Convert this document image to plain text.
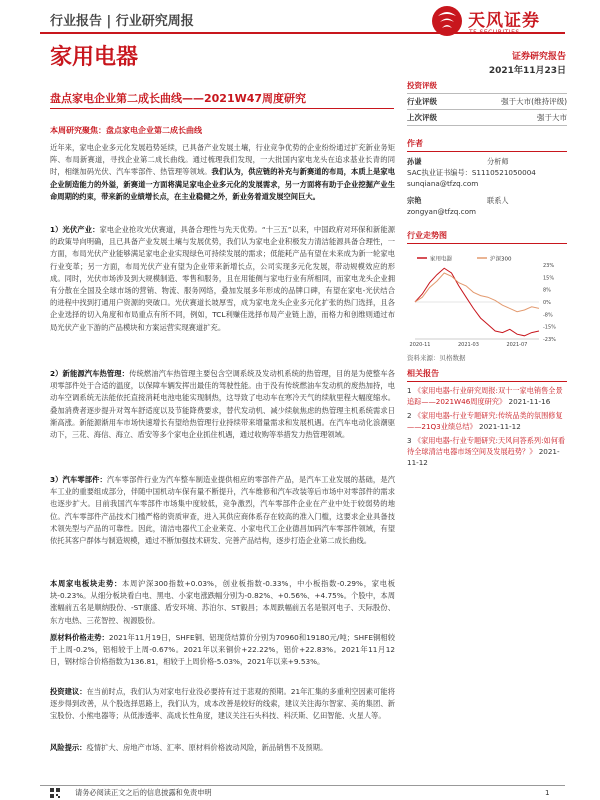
行业报告 | 行业研究周报	天风证券
家用电器	证券研究报告
2021年11月23日
盘点家电企业第二成长曲线——2021W47周度研究
本周研究聚焦：盘点家电企业第二成长曲线

近年来，家电企业多元化发展趋势延续，已具备产业发展土壤，行业竞争优势的企业纷纷通过扩充新业务矩阵、布局新赛道，寻找企业第二成长曲线。通过梳理我们发现，一大批国内家电龙头在追求基业长青的同时，相继加码光伏、汽车零部件、热管理等领域。我们认为，供应链的补充与新赛道的布局，本质上是家电企业制造能力的外溢，新赛道一方面将满足家电企业多元化的发展需求，另一方面将有助于企业挖掘产业生命周期的约束，带来新的业绩增长点，在主业稳健之外，新业务着道发展空间巨大。

1）光伏产业：家电企业抢攻光伏赛道，具备合理性与先天优势。“十三五”以来，中国政府对环保和新能源的政策导向明确，且已具备产业发展土壤与发展优势，我们认为家电企业积极发力清洁能源具备合理性，一方面，布局光伏产业能够满足家电企业实现绿色可持续发展的需求；低能耗产品有望在未来成为新一轮家电行业变革；另一方面，布局光伏产业有望为企业带来新增长点，公司实现多元化发展，带动规模效应的形成。同时，光伏市场涉及到大规模制造、零售和服务，且在用能侧与家电行业有所相同，而家电龙头企业拥有分散在全国及全球市场的营销、物流、服务网络，叠加发展多年形成的品牌口碑，有望在家电-光伏结合的进程中找到打通用户资源的突破口。光伏赛道长坡厚雪，成为家电龙头企业多元化扩张的热门选择，且各企业选择的切入角度和布局重点有所不同，例如，TCL利赚佳选择布局产业链上游，而格力和创维则通过布局光伏产业下游的产品模块和方案运营实现赛道扩充。

2）新能源汽车热管理：传统燃油汽车热管理主要包含空调系统及发动机系统的热管理，目的是为使整车各项零部件处于合适的温度，以保障车辆发挥出最佳的驾驶性能。由于没有传统燃油车发动机的废热加持，电动车空调系统无法能依托直接消耗电池电能实现制热，这导致了电动车在寒冷天气的续航里程大幅度缩水。叠加消费者逐步提升对驾车舒适度以及节能降费要求，替代发动机、减少续航焦虑的热管理主机系统需求日渐高涨。新能源渐用车市场快速增长有望给热管理行业持续带来增量需求和发展机遇。在汽车电动化浪潮驱动下，三花、海信、海立、盾安等多个家电企业抓住机遇，通过收购等举措发力热管理领域。

3）汽车零部件：汽车零部件行业为汽车整车制造业提供相应的零部件产品，是汽车工业发展的基础，是汽车工业的重要组成部分，伴随中国机动车保有量不断提升，汽车维修和汽车改装等后市场中对零部件的需求也逐步扩大。目前我国汽车零部件市场集中度较低，竞争激烈，汽车零部件企业在产业中处于较弱势的地位。汽车零部件产品技术门槛严格的资质审查，进入其供应商体系存在较高的准入门槛，这要求企业具备技术领先型与产品的可靠性。因此，清洁电器代工企业莱克、小家电代工企业德昌加码汽车零部件领域，有望依托其客户群体与制造规模，通过不断加强技术研发、完善产品结构，逐步打造企业第二成长曲线。

本周家电板块走势：本周沪深300指数+0.03%，创业板指数-0.33%，中小板指数-0.29%，家电板块-0.23%。从细分板块看白电、黑电、小家电涨跌幅分别为-0.82%、+0.56%、+4.75%。个股中，本周涨幅前五名是顺纳股份、-ST康盛、盾安环境、苏泊尔、ST毅昌；本周跌幅前五名是银河电子、天际股份、东方电热、三花智控、视源股份。

原材料价格走势：2021年11月19日，SHFE铜、铝现货结算价分别为70960和19180元/吨；SHFE铜相较于上周-0.2%，铝相较于上周-0.67%。2021年以来铜价+22.22%，铝价+22.83%。2021年11月12日，钢材综合价格指数为136.81，相较于上周价格-5.03%，2021年以来+9.53%。

投资建议：在当前时点，我们认为对家电行业没必要持有过于悲观的预期。21年汇集的多重利空因素可能将逐步得到改善，从个股选择思路上，我们认为，成本改善是较好的线索，建议关注海尔智家、美的集团、新宝股份、小熊电器等；从低渗透率、高成长性角度，建议关注石头科技、科沃斯、亿田智能、火星人等。

风险提示：疫情扩大、房地产市场、汇率、原材料价格波动风险，新品销售不及预期。

投资评级
行业评级	强于大市(维持评级)
上次评级	强于大市
作者
孙谦	分析师
SAC执业证书编号： S1110521050004
sunqiana@tfzq.com
宗艳	联系人
zongyan@tfzq.com
行业走势图
家用电器	沪深300
23%
15%
8%
0%
-8%
-15%
-23%
2020-11	2021-03	2021-07
资料来源：贝格数据
相关报告
1 《家用电器-行业研究周报:双十一家电销售全景追踪——2021W46周度研究》 2021-11-16
2 《家用电器-行业专题研究:传统品类的氛围修复——21Q3业绩总结》 2021-11-12
3 《家用电器-行业专题研究:天风问答系列:如何看待全球清洁电器市场空间及发展趋势？》 2021-11-12
请务必阅读正文之后的信息披露和免责申明	1
